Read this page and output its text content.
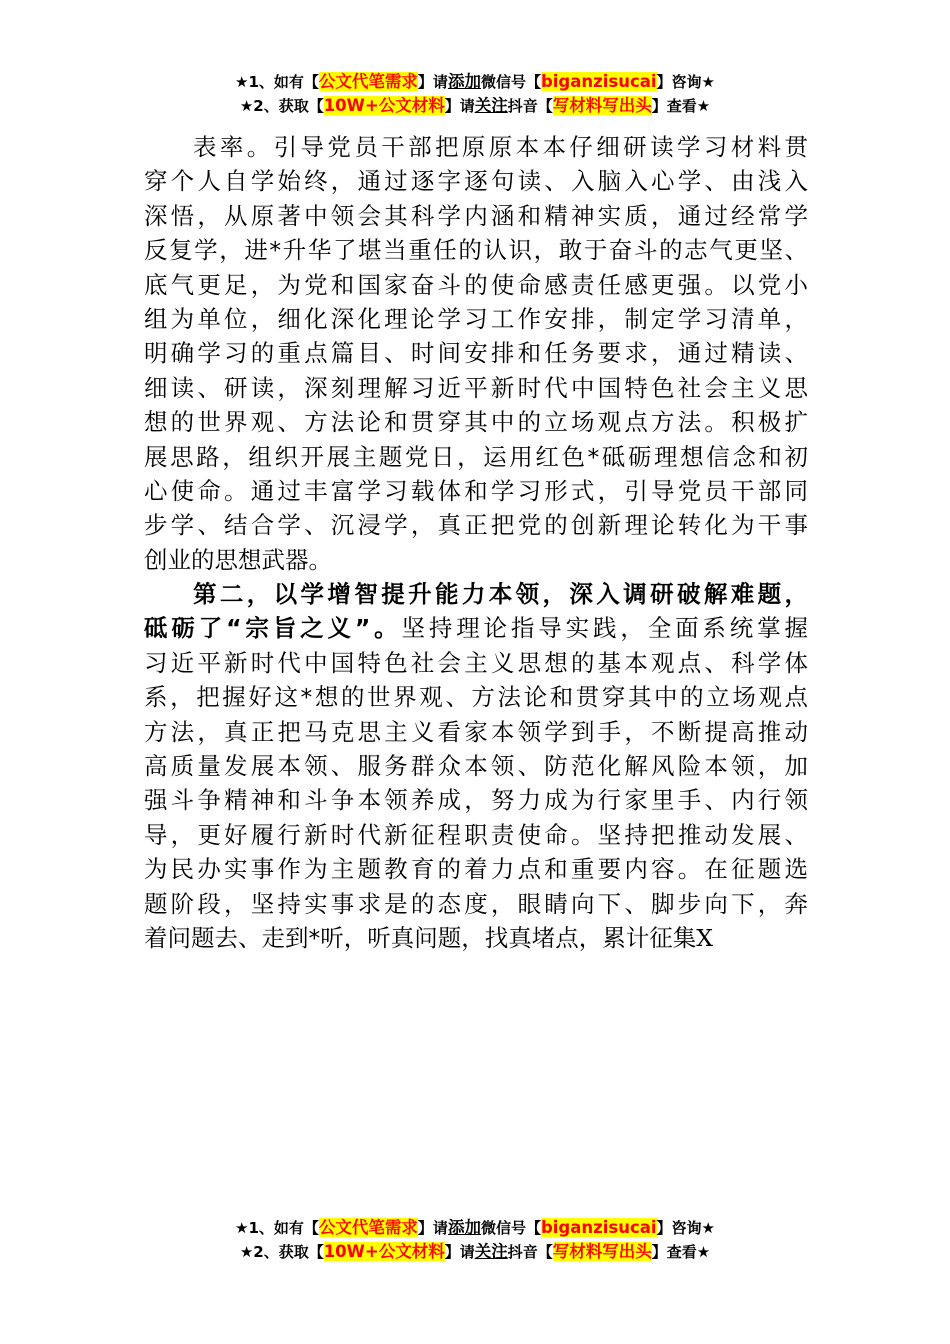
★1、如有【公文代笔需求】请添加微信号【biganzisucai】咨询★
★2、获取【10W+公文材料】请关注抖音【写材料写出头】查看★
表率。引导党员干部把原原本本仔细研读学习材料贯
穿个人自学始终，通过逐字逐句读、入脑入心学、由浅入
深悟，从原著中领会其科学内涵和精神实质，通过经常学
反复学，进*升华了堪当重任的认识，敢于奋斗的志气更坚、
底气更足，为党和国家奋斗的使命感责任感更强。以党小
组为单位，细化深化理论学习工作安排，制定学习清单，
明确学习的重点篇目、时间安排和任务要求，通过精读、
细读、研读，深刻理解习近平新时代中国特色社会主义思
想的世界观、方法论和贯穿其中的立场观点方法。积极扩
展思路，组织开展主题党日，运用红色*砥砺理想信念和初
心使命。通过丰富学习载体和学习形式，引导党员干部同
步学、结合学、沉浸学，真正把党的创新理论转化为干事
创业的思想武器。
第二，以学增智提升能力本领，深入调研破解难题，
砥砺了“宗旨之义”。坚持理论指导实践，全面系统掌握
习近平新时代中国特色社会主义思想的基本观点、科学体
系，把握好这*想的世界观、方法论和贯穿其中的立场观点
方法，真正把马克思主义看家本领学到手，不断提高推动
高质量发展本领、服务群众本领、防范化解风险本领，加
强斗争精神和斗争本领养成，努力成为行家里手、内行领
导，更好履行新时代新征程职责使命。坚持把推动发展、
为民办实事作为主题教育的着力点和重要内容。在征题选
题阶段，坚持实事求是的态度，眼睛向下、脚步向下，奔
着问题去、走到*听，听真问题，找真堵点，累计征集X
★1、如有【公文代笔需求】请添加微信号【biganzisucai】咨询★
★2、获取【10W+公文材料】请关注抖音【写材料写出头】查看★
